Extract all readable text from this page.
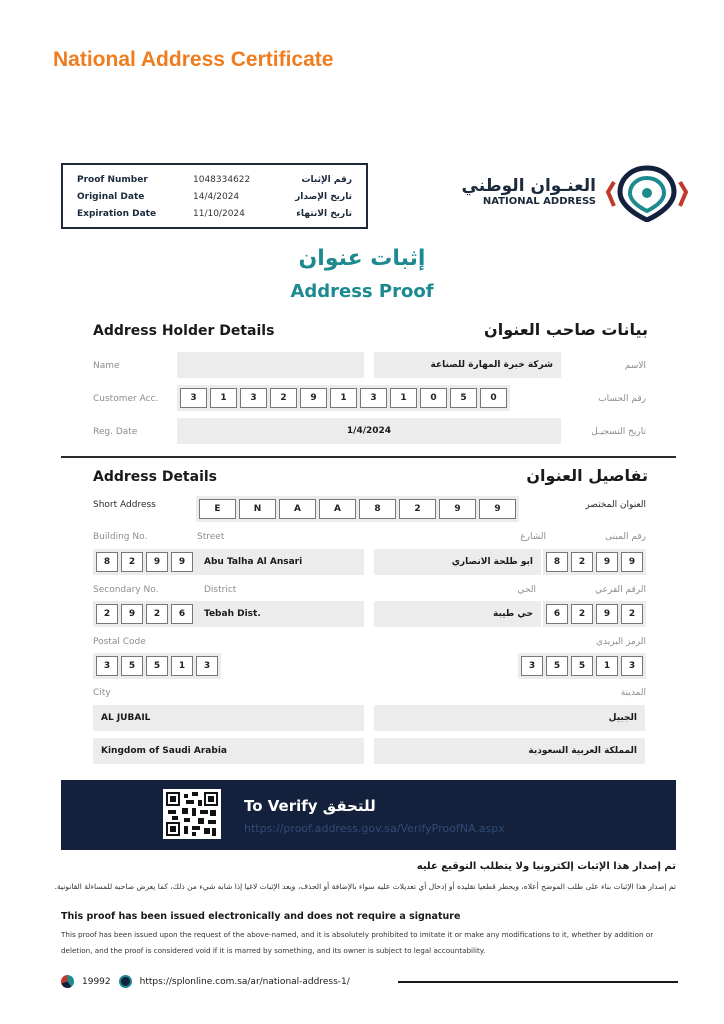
National Address Certificate
Proof Number	1048334622	رقم الإثبات
Original Date	14/4/2024	تاريخ الإصدار
Expiration Date	11/10/2024	تاريخ الانتهاء
العنـوان الوطني
NATIONAL ADDRESS
إثبات عنوان
Address Proof
Address Holder Details	بيانات صاحب العنوان
Name	شركة خبرة المهارة للصناعة	الاسم
Customer Acc.	3	1	3	2	9	1	3	1	0	5	0	رقم الحساب
Reg. Date	1/4/2024	تاريخ التسجيـل
Address Details	تفاصيل العنوان
Short Address	E	N	A	A	8	2	9	9	العنوان المختصر
Building No.	Street	الشارع	رقم المبنى
8	2	9	9	Abu Talha Al Ansari	ابو طلحة الانصاري	8	2	9	9
Secondary No.	District	الحي	الرقم الفرعي
2	9	2	6	Tebah Dist.	حي طيبة	6	2	9	2
Postal Code	الرمز البريدي
3	5	5	1	3	3	5	5	1	3
City	المدينة
AL JUBAIL	الجبيل
Kingdom of Saudi Arabia	المملكة العربية السعودية
To Verify للتحقق
https://proof.address.gov.sa/VerifyProofNA.aspx
تم إصدار هذا الإثبات إلكترونيا ولا يتطلب التوقيع عليه
تم إصدار هذا الإثبات بناء على طلب الموضح أعلاه، ويحظر قطعيا تقليده أو إدخال أي تعديلات عليه سواء بالإضافة أو الحذف، ويعد الإثبات لاغيا إذا شابه شيء من ذلك، كما يعرض صاحبه للمساءلة القانونية.
This proof has been issued electronically and does not require a signature
This proof has been issued upon the request of the above-named, and it is absolutely prohibited to imitate it or make any modifications to it, whether by addition or deletion, and the proof is considered void if it is marred by something, and its owner is subject to legal accountability.
19992	https://splonline.com.sa/ar/national-address-1/
